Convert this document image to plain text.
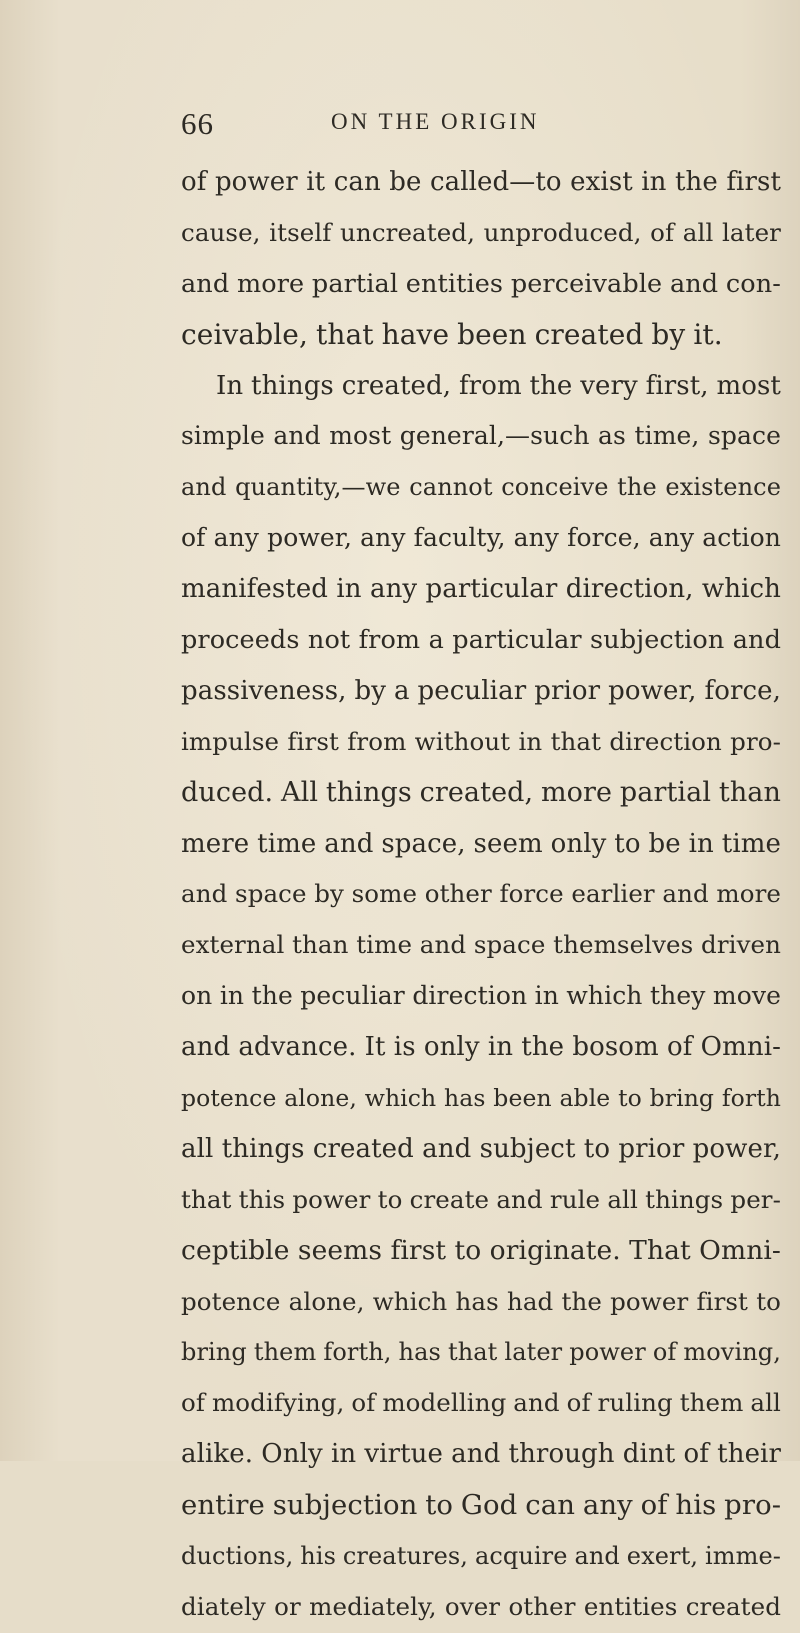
66	ON THE ORIGIN
of power it can be called—to exist in the first
cause, itself uncreated, unproduced, of all later
and more partial entities perceivable and con-
ceivable, that have been created by it.
In things created, from the very first, most
simple and most general,—such as time, space
and quantity,—we cannot conceive the existence
of any power, any faculty, any force, any action
manifested in any particular direction, which
proceeds not from a particular subjection and
passiveness, by a peculiar prior power, force,
impulse first from without in that direction pro-
duced. All things created, more partial than
mere time and space, seem only to be in time
and space by some other force earlier and more
external than time and space themselves driven
on in the peculiar direction in which they move
and advance. It is only in the bosom of Omni-
potence alone, which has been able to bring forth
all things created and subject to prior power,
that this power to create and rule all things per-
ceptible seems first to originate. That Omni-
potence alone, which has had the power first to
bring them forth, has that later power of moving,
of modifying, of modelling and of ruling them all
alike. Only in virtue and through dint of their
entire subjection to God can any of his pro-
ductions, his creatures, acquire and exert, imme-
diately or mediately, over other entities created
